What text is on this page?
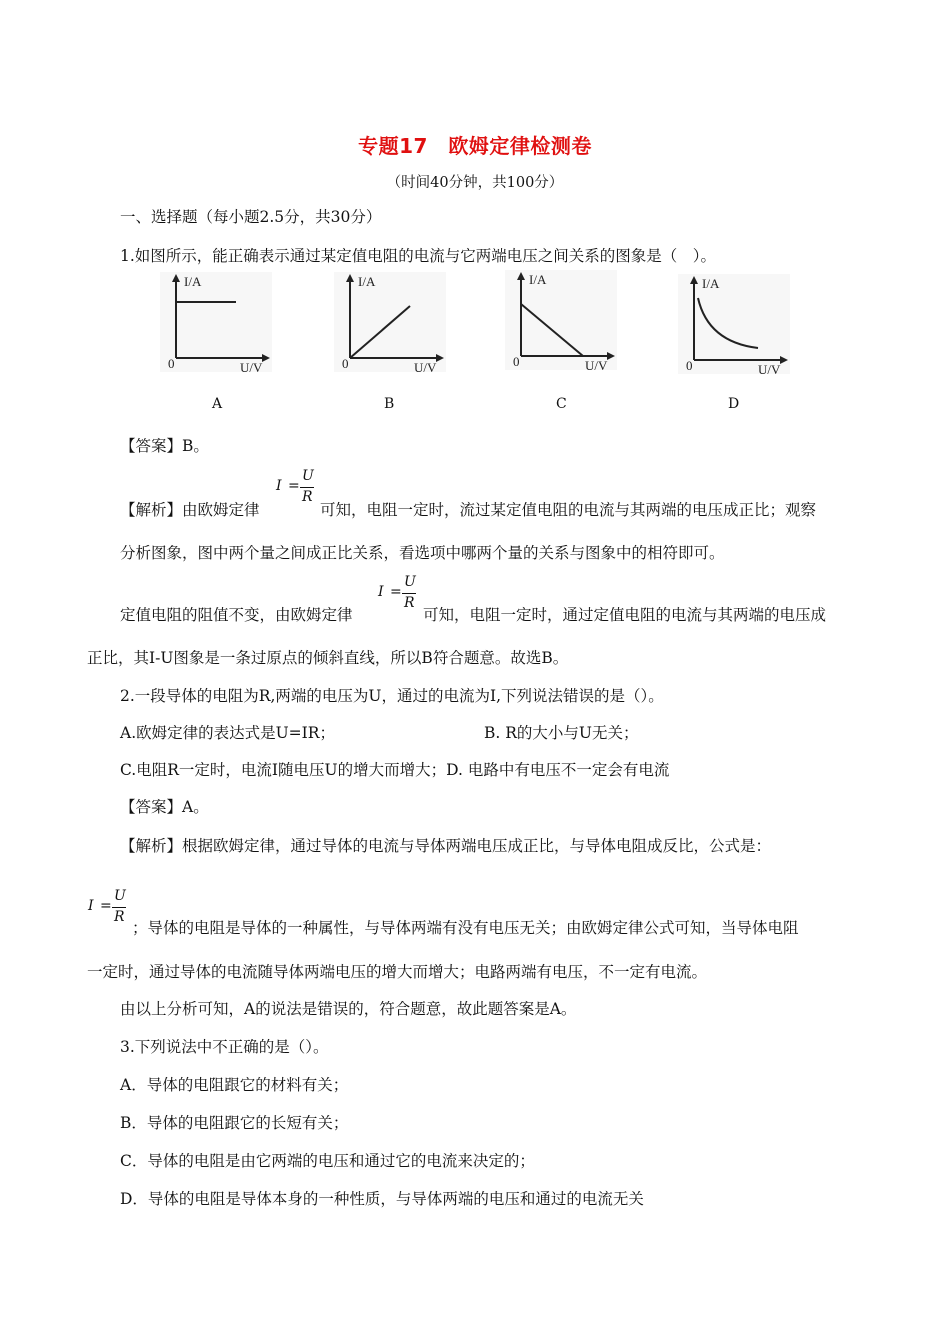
专题17　欧姆定律检测卷
（时间40分钟，共100分）
一、选择题（每小题2.5分，共30分）
1.如图所示，能正确表示通过某定值电阻的电流与它两端电压之间关系的图象是（　）。
I/A
0	U/V
A
I/A
0	U/V
B
I/A
0	U/V
C
I/A
0	U/V
D
【答案】B。
【解析】由欧姆定律
I =
U
R
可知，电阻一定时，流过某定值电阻的电流与其两端的电压成正比；观察
分析图象，图中两个量之间成正比关系，看选项中哪两个量的关系与图象中的相符即可。
定值电阻的阻值不变，由欧姆定律
I =
U
R
可知，电阻一定时，通过定值电阻的电流与其两端的电压成
正比，其I-U图象是一条过原点的倾斜直线，所以B符合题意。故选B。
2.一段导体的电阻为R,两端的电压为U，通过的电流为I,下列说法错误的是（）。
A.欧姆定律的表达式是U=IR；	B. R的大小与U无关；
C.电阻R一定时，电流I随电压U的增大而增大；D. 电路中有电压不一定会有电流
【答案】A。
【解析】根据欧姆定律，通过导体的电流与导体两端电压成正比，与导体电阻成反比，公式是：
I =
U
R
；导体的电阻是导体的一种属性，与导体两端有没有电压无关；由欧姆定律公式可知，当导体电阻
一定时，通过导体的电流随导体两端电压的增大而增大；电路两端有电压，不一定有电流。
由以上分析可知，A的说法是错误的，符合题意，故此题答案是A。
3.下列说法中不正确的是（）。
A．导体的电阻跟它的材料有关；
B．导体的电阻跟它的长短有关；
C．导体的电阻是由它两端的电压和通过它的电流来决定的；
D．导体的电阻是导体本身的一种性质，与导体两端的电压和通过的电流无关
